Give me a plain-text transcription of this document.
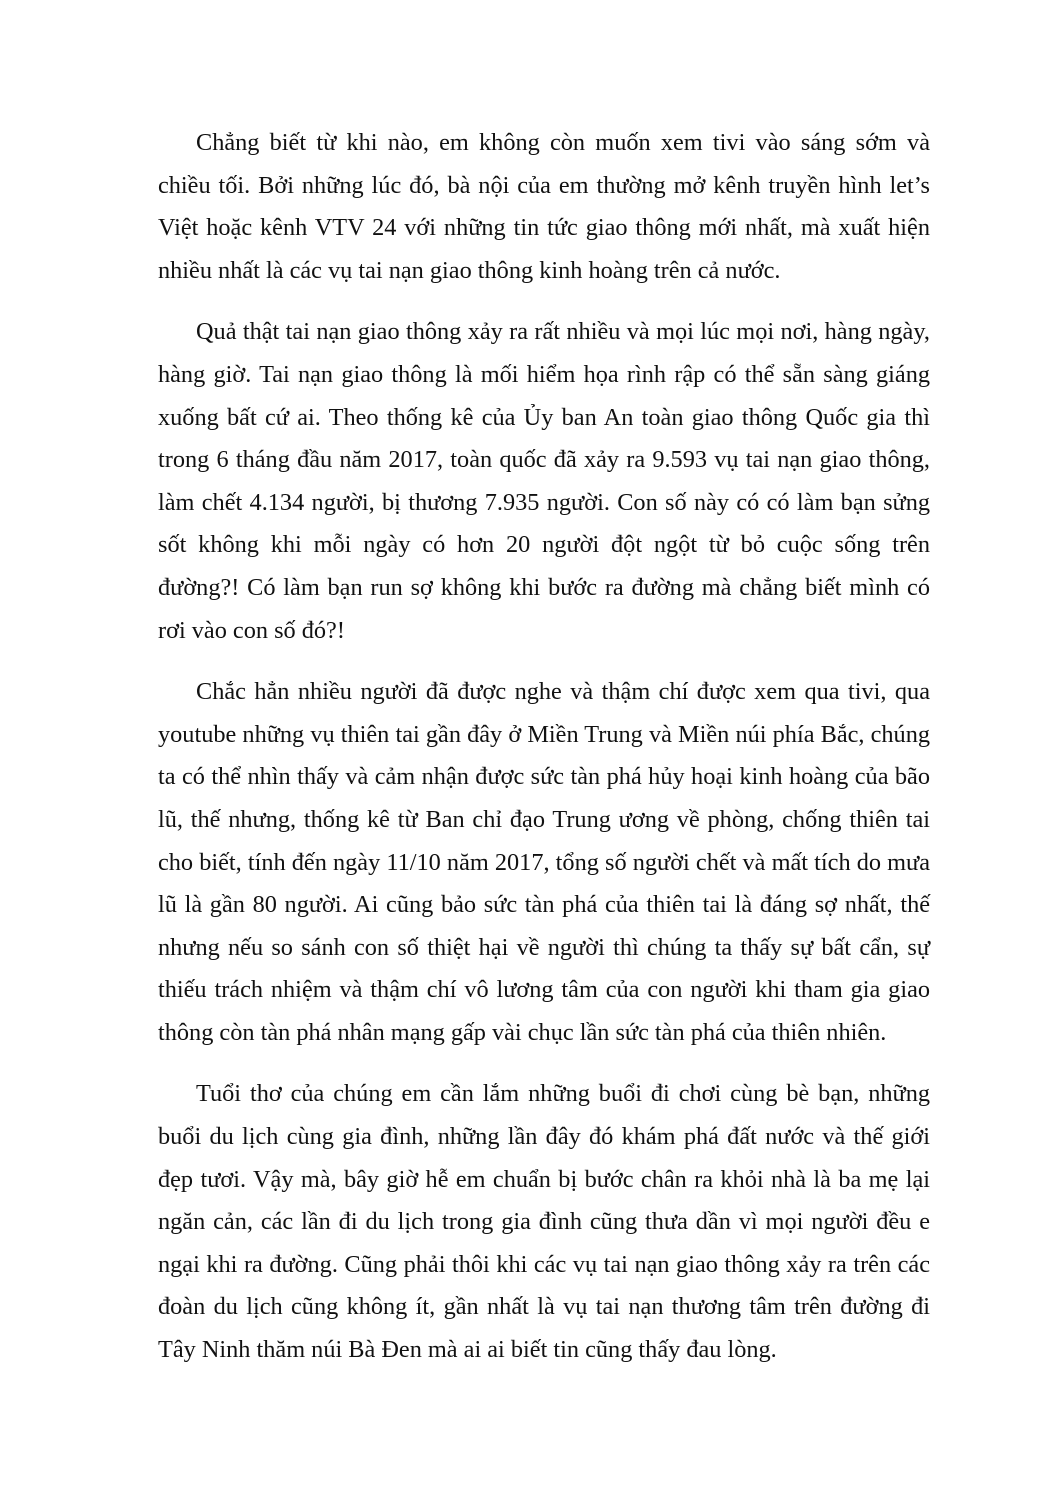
Chẳng biết từ khi nào, em không còn muốn xem tivi vào sáng sớm và chiều tối. Bởi những lúc đó, bà nội của em thường mở kênh truyền hình let’s Việt hoặc kênh VTV 24 với những tin tức giao thông mới nhất, mà xuất hiện nhiều nhất là các vụ tai nạn giao thông kinh hoàng trên cả nước.

Quả thật tai nạn giao thông xảy ra rất nhiều và mọi lúc mọi nơi, hàng ngày, hàng giờ. Tai nạn giao thông là mối hiểm họa rình rập có thể sẵn sàng giáng xuống bất cứ ai. Theo thống kê của Ủy ban An toàn giao thông Quốc gia thì trong 6 tháng đầu năm 2017, toàn quốc đã xảy ra 9.593 vụ tai nạn giao thông, làm chết 4.134 người, bị thương 7.935 người. Con số này có có làm bạn sửng sốt không khi mỗi ngày có hơn 20 người đột ngột từ bỏ cuộc sống trên đường?! Có làm bạn run sợ không khi bước ra đường mà chẳng biết mình có rơi vào con số đó?!

Chắc hẳn nhiều người đã được nghe và thậm chí được xem qua tivi, qua youtube những vụ thiên tai gần đây ở Miền Trung và Miền núi phía Bắc, chúng ta có thể nhìn thấy và cảm nhận được sức tàn phá hủy hoại kinh hoàng của bão lũ, thế nhưng, thống kê từ Ban chỉ đạo Trung ương về phòng, chống thiên tai cho biết, tính đến ngày 11/10 năm 2017, tổng số người chết và mất tích do mưa lũ là gần 80 người. Ai cũng bảo sức tàn phá của thiên tai là đáng sợ nhất, thế nhưng nếu so sánh con số thiệt hại về người thì chúng ta thấy sự bất cẩn, sự thiếu trách nhiệm và thậm chí vô lương tâm của con người khi tham gia giao thông còn tàn phá nhân mạng gấp vài chục lần sức tàn phá của thiên nhiên.

Tuổi thơ của chúng em cần lắm những buổi đi chơi cùng bè bạn, những buổi du lịch cùng gia đình, những lần đây đó khám phá đất nước và thế giới đẹp tươi. Vậy mà, bây giờ hễ em chuẩn bị bước chân ra khỏi nhà là ba mẹ lại ngăn cản, các lần đi du lịch trong gia đình cũng thưa dần vì mọi người đều e ngại khi ra đường. Cũng phải thôi khi các vụ tai nạn giao thông xảy ra trên các đoàn du lịch cũng không ít, gần nhất là vụ tai nạn thương tâm trên đường đi Tây Ninh thăm núi Bà Đen mà ai ai biết tin cũng thấy đau lòng.
